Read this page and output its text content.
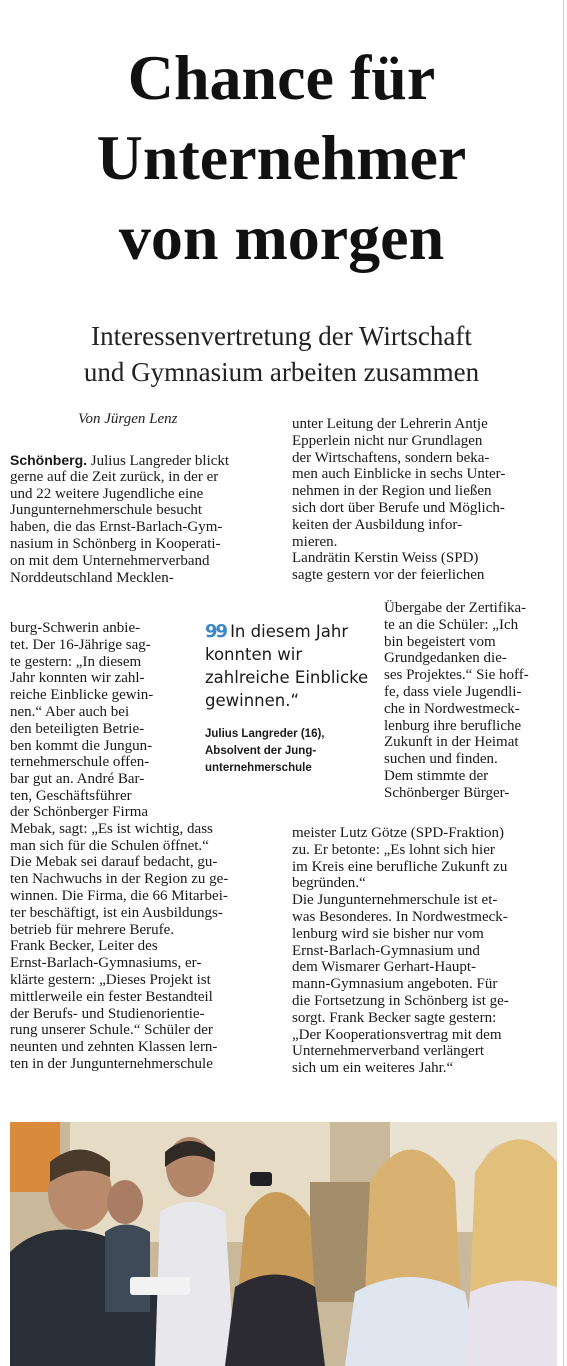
Chance für
Unternehmer
von morgen
Interessenvertretung der Wirtschaft
und Gymnasium arbeiten zusammen
Von Jürgen Lenz
Schönberg. Julius Langreder blickt
gerne auf die Zeit zurück, in der er
und 22 weitere Jugendliche eine
Jungunternehmerschule besucht
haben, die das Ernst-Barlach-Gym-
nasium in Schönberg in Kooperati-
on mit dem Unternehmerverband
Norddeutschland Mecklen-
burg-Schwerin anbie-
tet. Der 16-Jährige sag-
te gestern: „In diesem
Jahr konnten wir zahl-
reiche Einblicke gewin-
nen.“ Aber auch bei
den beteiligten Betrie-
ben kommt die Jungun-
ternehmerschule offen-
bar gut an. André Bar-
ten, Geschäftsführer
der Schönberger Firma
Mebak, sagt: „Es ist wichtig, dass
man sich für die Schulen öffnet.“
Die Mebak sei darauf bedacht, gu-
ten Nachwuchs in der Region zu ge-
winnen. Die Firma, die 66 Mitarbei-
ter beschäftigt, ist ein Ausbildungs-
betrieb für mehrere Berufe.
Frank Becker, Leiter des
Ernst-Barlach-Gymnasiums, er-
klärte gestern: „Dieses Projekt ist
mittlerweile ein fester Bestandteil
der Berufs- und Studienorientie-
rung unserer Schule.“ Schüler der
neunten und zehnten Klassen lern-
ten in der Jungunternehmerschule
unter Leitung der Lehrerin Antje
Epperlein nicht nur Grundlagen
der Wirtschaftens, sondern beka-
men auch Einblicke in sechs Unter-
nehmen in der Region und ließen
sich dort über Berufe und Möglich-
keiten der Ausbildung infor-
mieren.
Landrätin Kerstin Weiss (SPD)
sagte gestern vor der feierlichen
Übergabe der Zertifika-
te an die Schüler: „Ich
bin begeistert vom
Grundgedanken die-
ses Projektes.“ Sie hoff-
fe, dass viele Jugendli-
che in Nordwestmeck-
lenburg ihre berufliche
Zukunft in der Heimat
suchen und finden.
Dem stimmte der
Schönberger Bürger-
meister Lutz Götze (SPD-Fraktion)
zu. Er betonte: „Es lohnt sich hier
im Kreis eine berufliche Zukunft zu
begründen.“
Die Jungunternehmerschule ist et-
was Besonderes. In Nordwestmeck-
lenburg wird sie bisher nur vom
Ernst-Barlach-Gymnasium und
dem Wismarer Gerhart-Haupt-
mann-Gymnasium angeboten. Für
die Fortsetzung in Schönberg ist ge-
sorgt. Frank Becker sagte gestern:
„Der Kooperationsvertrag mit dem
Unternehmerverband verlängert
sich um ein weiteres Jahr.“
99 In diesem Jahr konnten wir zahlreiche Einblicke gewinnen.“
Julius Langreder (16),
Absolvent der Jung-
unternehmerschule
